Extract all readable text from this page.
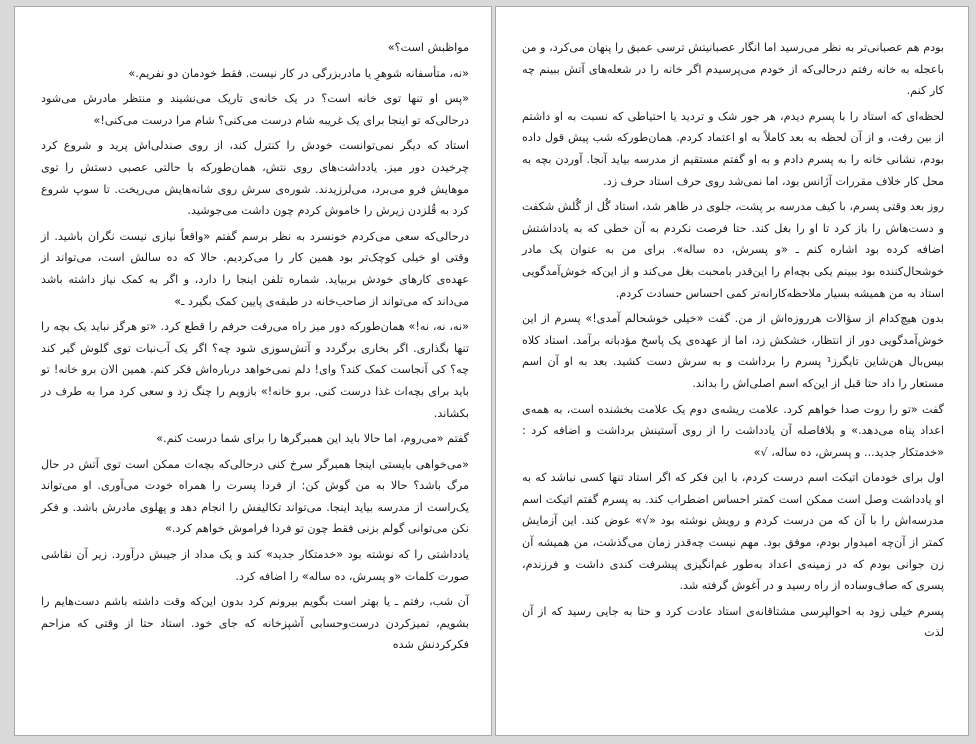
مواظبش است؟»

«نه، متأسفانه شوهرِ یا مادربزرگی در کار نیست. فقط خودمان دو نفریم.»

«پس او تنها توی خانه است؟ در یک خانه‌ی تاریک می‌نشیند و منتظر مادرش می‌شود درحالی‌که تو اینجا برای یک غریبه شام درست می‌کنی؟ شام مرا درست می‌کنی!»

استاد که دیگر نمی‌توانست خودش را کنترل کند، از روی صندلی‌اش پرید و شروع کرد چرخیدن دور میز. یادداشت‌های روی نتش، همان‌طورکه با حالتی عصبی دستش را توی موهایش فرو می‌برد، می‌لرزیدند. شوره‌ی سرش روی شانه‌هایش می‌ریخت. تا سوپ شروع کرد به قُلزدن زیرش را خاموش کردم چون داشت می‌جوشید.

درحالی‌که سعی می‌کردم خونسرد به نظر برسم گفتم «واقعاً نیازی نیست نگران باشید. از وقتی او خیلی کوچک‌تر بود همین کار را می‌کردیم. حالا که ده سالش است، می‌تواند از عهده‌ی کارهای خودش بربیاید. شماره تلفن اینجا را دارد، و اگر به کمک نیاز داشته باشد می‌داند که می‌تواند از صاحب‌خانه در طبقه‌ی پایین کمک بگیرد ـ»

«نه، نه، نه!» همان‌طورکه دور میز راه می‌رفت حرفم را قطع کرد. «تو هرگز نباید یک بچه را تنها بگذاری. اگر بخاری برگردد و آتش‌سوزی شود چه؟ اگر یک آب‌نبات توی گلوش گیر کند چه؟ کی آنجاست کمک کند؟ وای! دلم نمی‌خواهد درباره‌اش فکر کنم. همین الان برو خانه! تو باید برای بچه‌ات غذا درست کنی. برو خانه!» بازویم را چنگ زد و سعی کرد مرا به طرف در بکشاند.

گفتم «می‌روم، اما حالا باید این همبرگرها را برای شما درست کنم.»

«می‌خواهی بایستی اینجا همبرگر سرخ کنی درحالی‌که بچه‌ات ممکن است توی آتش در حال مرگ باشد؟ حالا به من گوش کن: از فردا پسرت را همراه خودت می‌آوری. او می‌تواند یک‌راست از مدرسه بیاید اینجا. می‌تواند تکالیفش را انجام دهد و پهلوی مادرش باشد. و فکر نکن می‌توانی گولم بزنی فقط چون تو فردا فراموش خواهم کرد.»

یادداشتی را که نوشته بود «خدمتکار جدید» کند و یک مداد از جیبش درآورد. زیر آن نقاشی صورت کلمات «و پسرش، ده ساله» را اضافه کرد.

آن شب، رفتم ـ یا بهتر است بگویم بیرونم کرد بدون این‌که وقت داشته باشم دست‌هایم را بشویم، تمیزکردن درست‌وحسابی آشپزخانه که جای خود. استاد حتا از وقتی که مزاحم فکرکردنش شده

بودم هم عصبانی‌تر به نظر می‌رسید اما انگار عصبانیتش ترسی عمیق را پنهان می‌کرد، و من باعجله به خانه رفتم درحالی‌که از خودم می‌پرسیدم اگر خانه را در شعله‌های آتش ببینم چه کار کنم.

لحظه‌ای که استاد را با پسرم دیدم، هر جور شک و تردید یا احتیاطی که نسبت به او داشتم از بین رفت، و از آن لحظه به بعد کاملاً به او اعتماد کردم. همان‌طورکه شب پیش قول داده بودم، نشانی خانه را به پسرم دادم و به او گفتم مستقیم از مدرسه بیاید آنجا. آوردن بچه به محل کار خلاف مقررات آژانس بود، اما نمی‌شد روی حرف استاد حرف زد.

روز بعد وقتی پسرم، با کیف مدرسه بر پشت، جلوی در ظاهر شد، استاد گُل از گُلش شکفت و دست‌هاش را باز کرد تا او را بغل کند. حتا فرصت نکردم به آن خطی که به یادداشتش اضافه کرده بود اشاره کنم ـ «و پسرش، ده ساله». برای من به عنوان یک مادر خوشحال‌کننده بود ببینم یکی بچه‌ام را این‌قدر بامحبت بغل می‌کند و از این‌که خوش‌آمدگویی استاد به من همیشه بسیار ملاحظه‌کارانه‌تر کمی احساس حسادت کردم.

بدون هیچ‌کدام از سؤالات هرروزه‌اش از من. گفت «خیلی خوشحالم آمدی!» پسرم از این خوش‌آمدگویی دور از انتظار، خشکش زد، اما از عهده‌ی یک پاسخ مؤدبانه برآمد. استاد کلاه بیس‌بال هن‌شاین تایگرز¹ پسرم را برداشت و به سرش دست کشید. بعد به او آن اسم مستعار را داد حتا قبل از این‌که اسم اصلی‌اش را بداند.

گفت «تو را روت صدا خواهم کرد. علامت ریشه‌ی دوم یک علامت بخشنده است، به همه‌ی اعداد پناه می‌دهد.» و بلافاصله آن یادداشت را از روی آستینش برداشت و اضافه کرد : «خدمتکار جدید... و پسرش، ده ساله، √»

اول برای خودمان اتیکت اسم درست کردم، با این فکر که اگر استاد تنها کسی نباشد که به او یادداشت وصل است ممکن است کمتر احساس اضطراب کند. به پسرم گفتم اتیکت اسم مدرسه‌اش را با آن که من درست کردم و رویش نوشته بود «√» عوض کند. این آزمایش کمتر از آن‌چه امیدوار بودم، موفق بود. مهم نیست چه‌قدر زمان می‌گذشت، من همیشه آن زن جوانی بودم که در زمینه‌ی اعداد به‌طور غم‌انگیزی پیشرفت کندی داشت و فرزندم، پسری که صاف‌وساده از راه رسید و در آغوش گرفته شد.

پسرم خیلی زود به احوالپرسی مشتاقانه‌ی استاد عادت کرد و حتا به جایی رسید که از آن لذت
